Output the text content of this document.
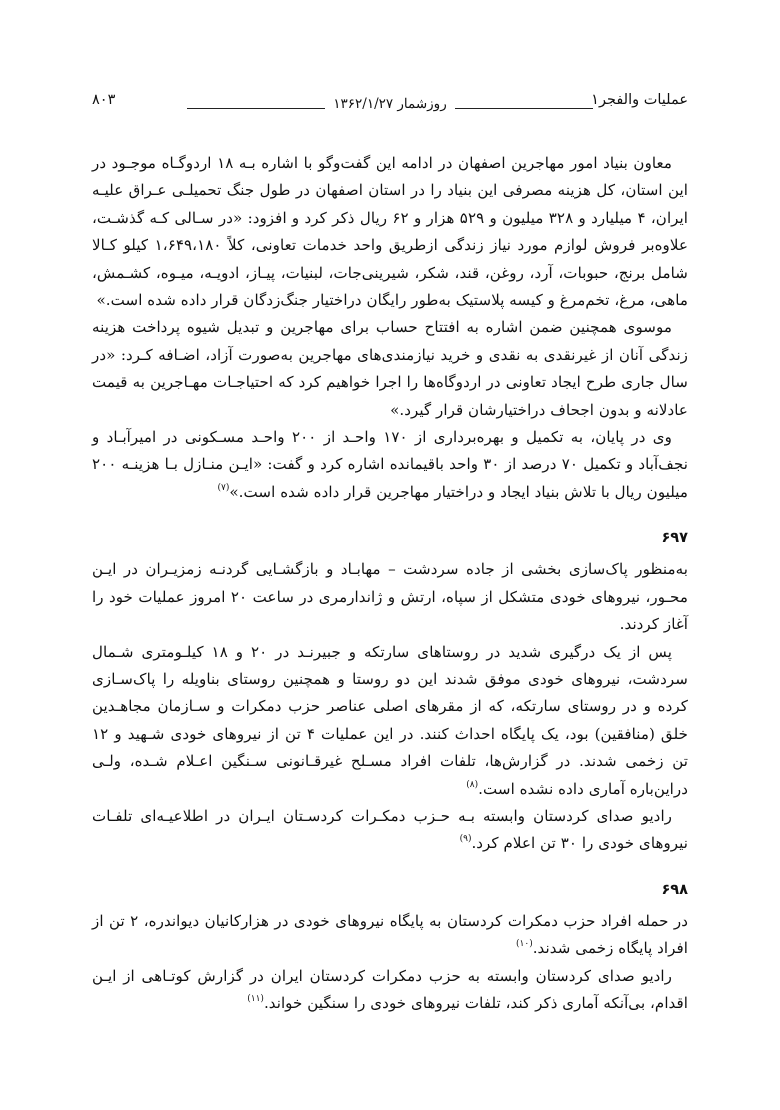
عملیات والفجر۱
روزشمار ۱۳۶۲/۱/۲۷
۸۰۳

معاون بنیاد امور مهاجرین اصفهان در ادامه این گفت‌وگو با اشاره بـه ۱۸ اردوگـاه موجـود در این استان، کل هزینه مصرفی این بنیاد را در استان اصفهان در طول جنگ تحمیلـی عـراق علیـه ایران، ۴ میلیارد و ۳۲۸ میلیون و ۵۲۹ هزار و ۶۲ ریال ذکر کرد و افزود: «در سـالی کـه گذشـت، علاوه‌بر فروش لوازم مورد نیاز زندگی ازطریق واحد خدمات تعاونی، کلاً ۱،۶۴۹،۱۸۰ کیلو کـالا شامل برنج، حبوبات، آرد، روغن، قند، شکر، شیرینی‌جات، لبنیات، پیـاز، ادویـه، میـوه، کشـمش، ماهی، مرغ، تخم‌مرغ و کیسه پلاستیک به‌طور رایگان دراختیار جنگ‌زدگان قرار داده شده است.»

موسوی همچنین ضمن اشاره به افتتاح حساب برای مهاجرین و تبدیل شیوه پرداخت هزینه زندگی آنان از غیرنقدی به نقدی و خرید نیازمندی‌های مهاجرین به‌صورت آزاد، اضـافه کـرد: «در سال جاری طرح ایجاد تعاونی در اردوگاه‌ها را اجرا خواهیم کرد که احتیاجـات مهـاجرین به قیمت عادلانه و بدون اجحاف دراختیارشان قرار گیرد.»

وی در پایان، به تکمیل و بهره‌برداری از ۱۷۰ واحـد از ۲۰۰ واحـد مسـکونی در امیرآبـاد و نجف‌آباد و تکمیل ۷۰ درصد از ۳۰ واحد باقیمانده اشاره کرد و گفت: «ایـن منـازل بـا هزینـه ۲۰۰ میلیون ریال با تلاش بنیاد ایجاد و دراختیار مهاجرین قرار داده شده است.»$^{(۷)}$

۶۹۷

به‌منظور پاک‌سازی بخشی از جاده سردشت – مهابـاد و بازگشـایی گردنـه زمزیـران در ایـن محـور، نیروهای خودی متشکل از سپاه، ارتش و ژاندارمری در ساعت ۲۰ امروز عملیات خود را آغاز کردند.

پس از یک درگیری شدید در روستاهای سارتکه و جبیرنـد در ۲۰ و ۱۸ کیلـومتری شـمال سردشت، نیروهای خودی موفق شدند این دو روستا و همچنین روستای بناویله را پاک‌سـازی کرده و در روستای سارتکه، که از مقرهای اصلی عناصر حزب دمکرات و سـازمان مجاهـدین خلق (منافقین) بود، یک پایگاه احداث کنند. در این عملیات ۴ تن از نیروهای خودی شـهید و ۱۲ تن زخمی شدند. در گزارش‌ها، تلفات افراد مسـلح غیرقـانونی سـنگین اعـلام شـده، ولـی دراین‌باره آماری داده نشده است.$^{(۸)}$

رادیو صدای کردستان وابسته بـه حـزب دمکـرات کردسـتان ایـران در اطلاعیـه‌ای تلفـات نیروهای خودی را ۳۰ تن اعلام کرد.$^{(۹)}$

۶۹۸

در حمله افراد حزب دمکرات کردستان به پایگاه نیروهای خودی در هزارکانیان دیواندره، ۲ تن از افراد پایگاه زخمی شدند.$^{(۱۰)}$

رادیو صدای کردستان وابسته به حزب دمکرات کردستان ایران در گزارش کوتـاهی از ایـن اقدام، بی‌آنکه آماری ذکر کند، تلفات نیروهای خودی را سنگین خواند.$^{(۱۱)}$
